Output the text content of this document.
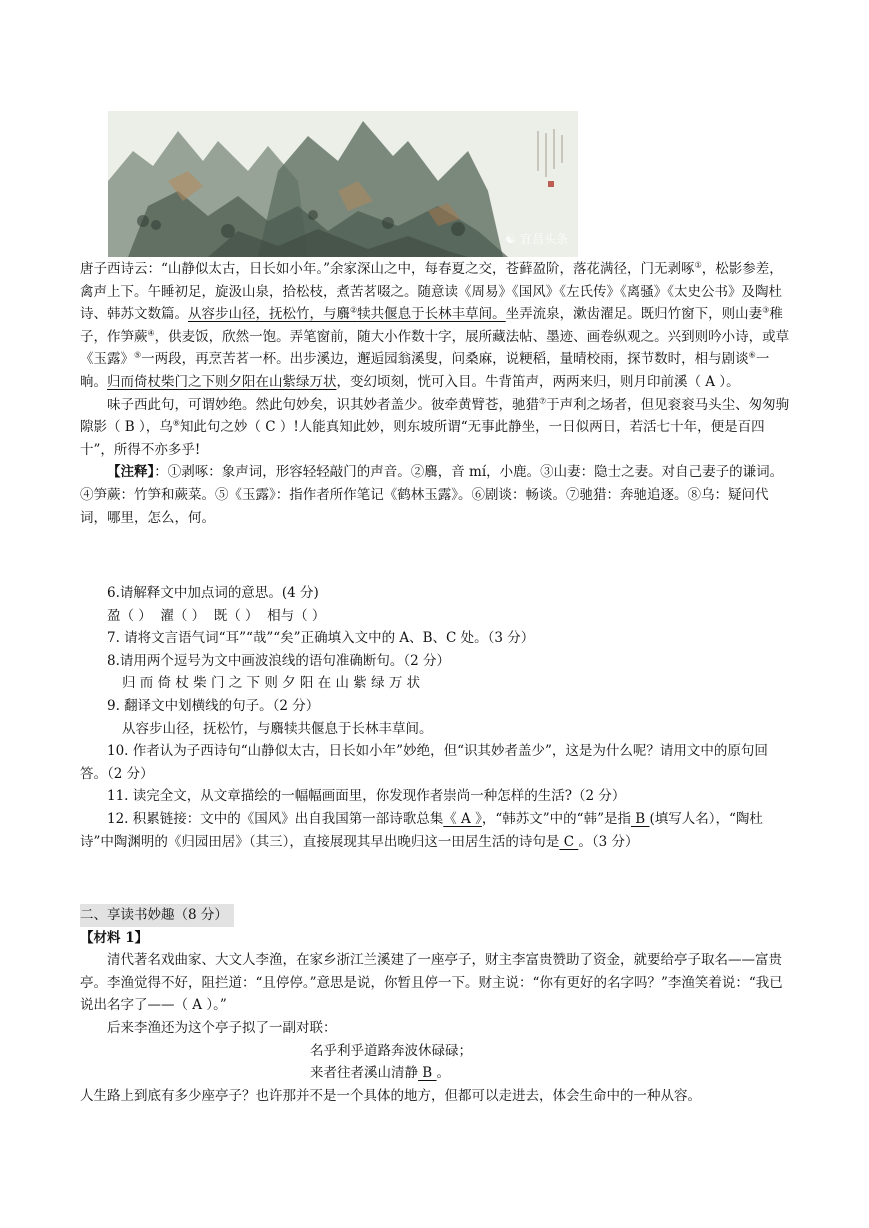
☯ 宜昌头条

唐子西诗云：“山静似太古，日长如小年。”余家深山之中，每春夏之交，苍藓盈阶，落花满径，门无剥啄①，松影参差，禽声上下。午睡初足，旋汲山泉，拾松枝，煮苦茗啜之。随意读《周易》《国风》《左氏传》《离骚》《太史公书》及陶杜诗、韩苏文数篇。从容步山径，抚松竹，与麛②犊共偃息于长林丰草间。坐弄流泉，漱齿濯足。既归竹窗下，则山妻③稚子，作笋蕨④，供麦饭，欣然一饱。弄笔窗前，随大小作数十字，展所藏法帖、墨迹、画卷纵观之。兴到则吟小诗，或草《玉露》⑤一两段，再烹苦茗一杯。出步溪边，邂逅园翁溪叟，问桑麻，说粳稻，量晴校雨，探节数时，相与剧谈⑥一晌。归而倚杖柴门之下则夕阳在山紫绿万状，变幻顷刻，恍可入目。牛背笛声，两两来归，则月印前溪（ A ）。

味子西此句，可谓妙绝。然此句妙矣，识其妙者盖少。彼牵黄臂苍，驰猎⑦于声利之场者，但见衮衮马头尘、匆匆驹隙影（ B ），乌⑧知此句之妙（ C ）!人能真知此妙，则东坡所谓“无事此静坐，一日似两日，若活七十年，便是百四十”，所得不亦多乎!

【注释】：①剥啄：象声词，形容轻轻敲门的声音。②麛，音 mí，小鹿。③山妻：隐士之妻。对自己妻子的谦词。④笋蕨：竹笋和蕨菜。⑤《玉露》：指作者所作笔记《鹤林玉露》。⑥剧谈：畅谈。⑦驰猎：奔驰追逐。⑧乌：疑问代词，哪里，怎么，何。

6.请解释文中加点词的意思。(4 分)

盈（ ）  濯（ ）  既（ ）  相与（ ）

7. 请将文言语气词“耳”“哉”“矣”正确填入文中的 A、B、C 处。（3 分）

8.请用两个逗号为文中画波浪线的语句准确断句。（2 分）

归 而 倚 杖 柴 门 之 下 则 夕 阳 在 山 紫 绿 万 状

9. 翻译文中划横线的句子。（2 分）

从容步山径，抚松竹，与麛犊共偃息于长林丰草间。

10. 作者认为子西诗句“山静似太古，日长如小年”妙绝，但“识其妙者盖少”，这是为什么呢？请用文中的原句回答。（2 分）

11. 读完全文，从文章描绘的一幅幅画面里，你发现作者崇尚一种怎样的生活?（2 分）

12. 积累链接：文中的《国风》出自我国第一部诗歌总集《 A 》，“韩苏文”中的“韩”是指 B (填写人名），“陶杜诗”中陶渊明的《归园田居》（其三），直接展现其早出晚归这一田居生活的诗句是 C 。（3 分）

二、享读书妙趣（8 分）

【材料 1】

清代著名戏曲家、大文人李渔，在家乡浙江兰溪建了一座亭子，财主李富贵赞助了资金，就要给亭子取名——富贵亭。李渔觉得不好，阻拦道：“且停停。”意思是说，你暂且停一下。财主说：“你有更好的名字吗？”李渔笑着说：“我已说出名字了——（ A ）。”

后来李渔还为这个亭子拟了一副对联：

名乎利乎道路奔波休碌碌；

来者往者溪山清静 B 。

人生路上到底有多少座亭子？也许那并不是一个具体的地方，但都可以走进去，体会生命中的一种从容。
